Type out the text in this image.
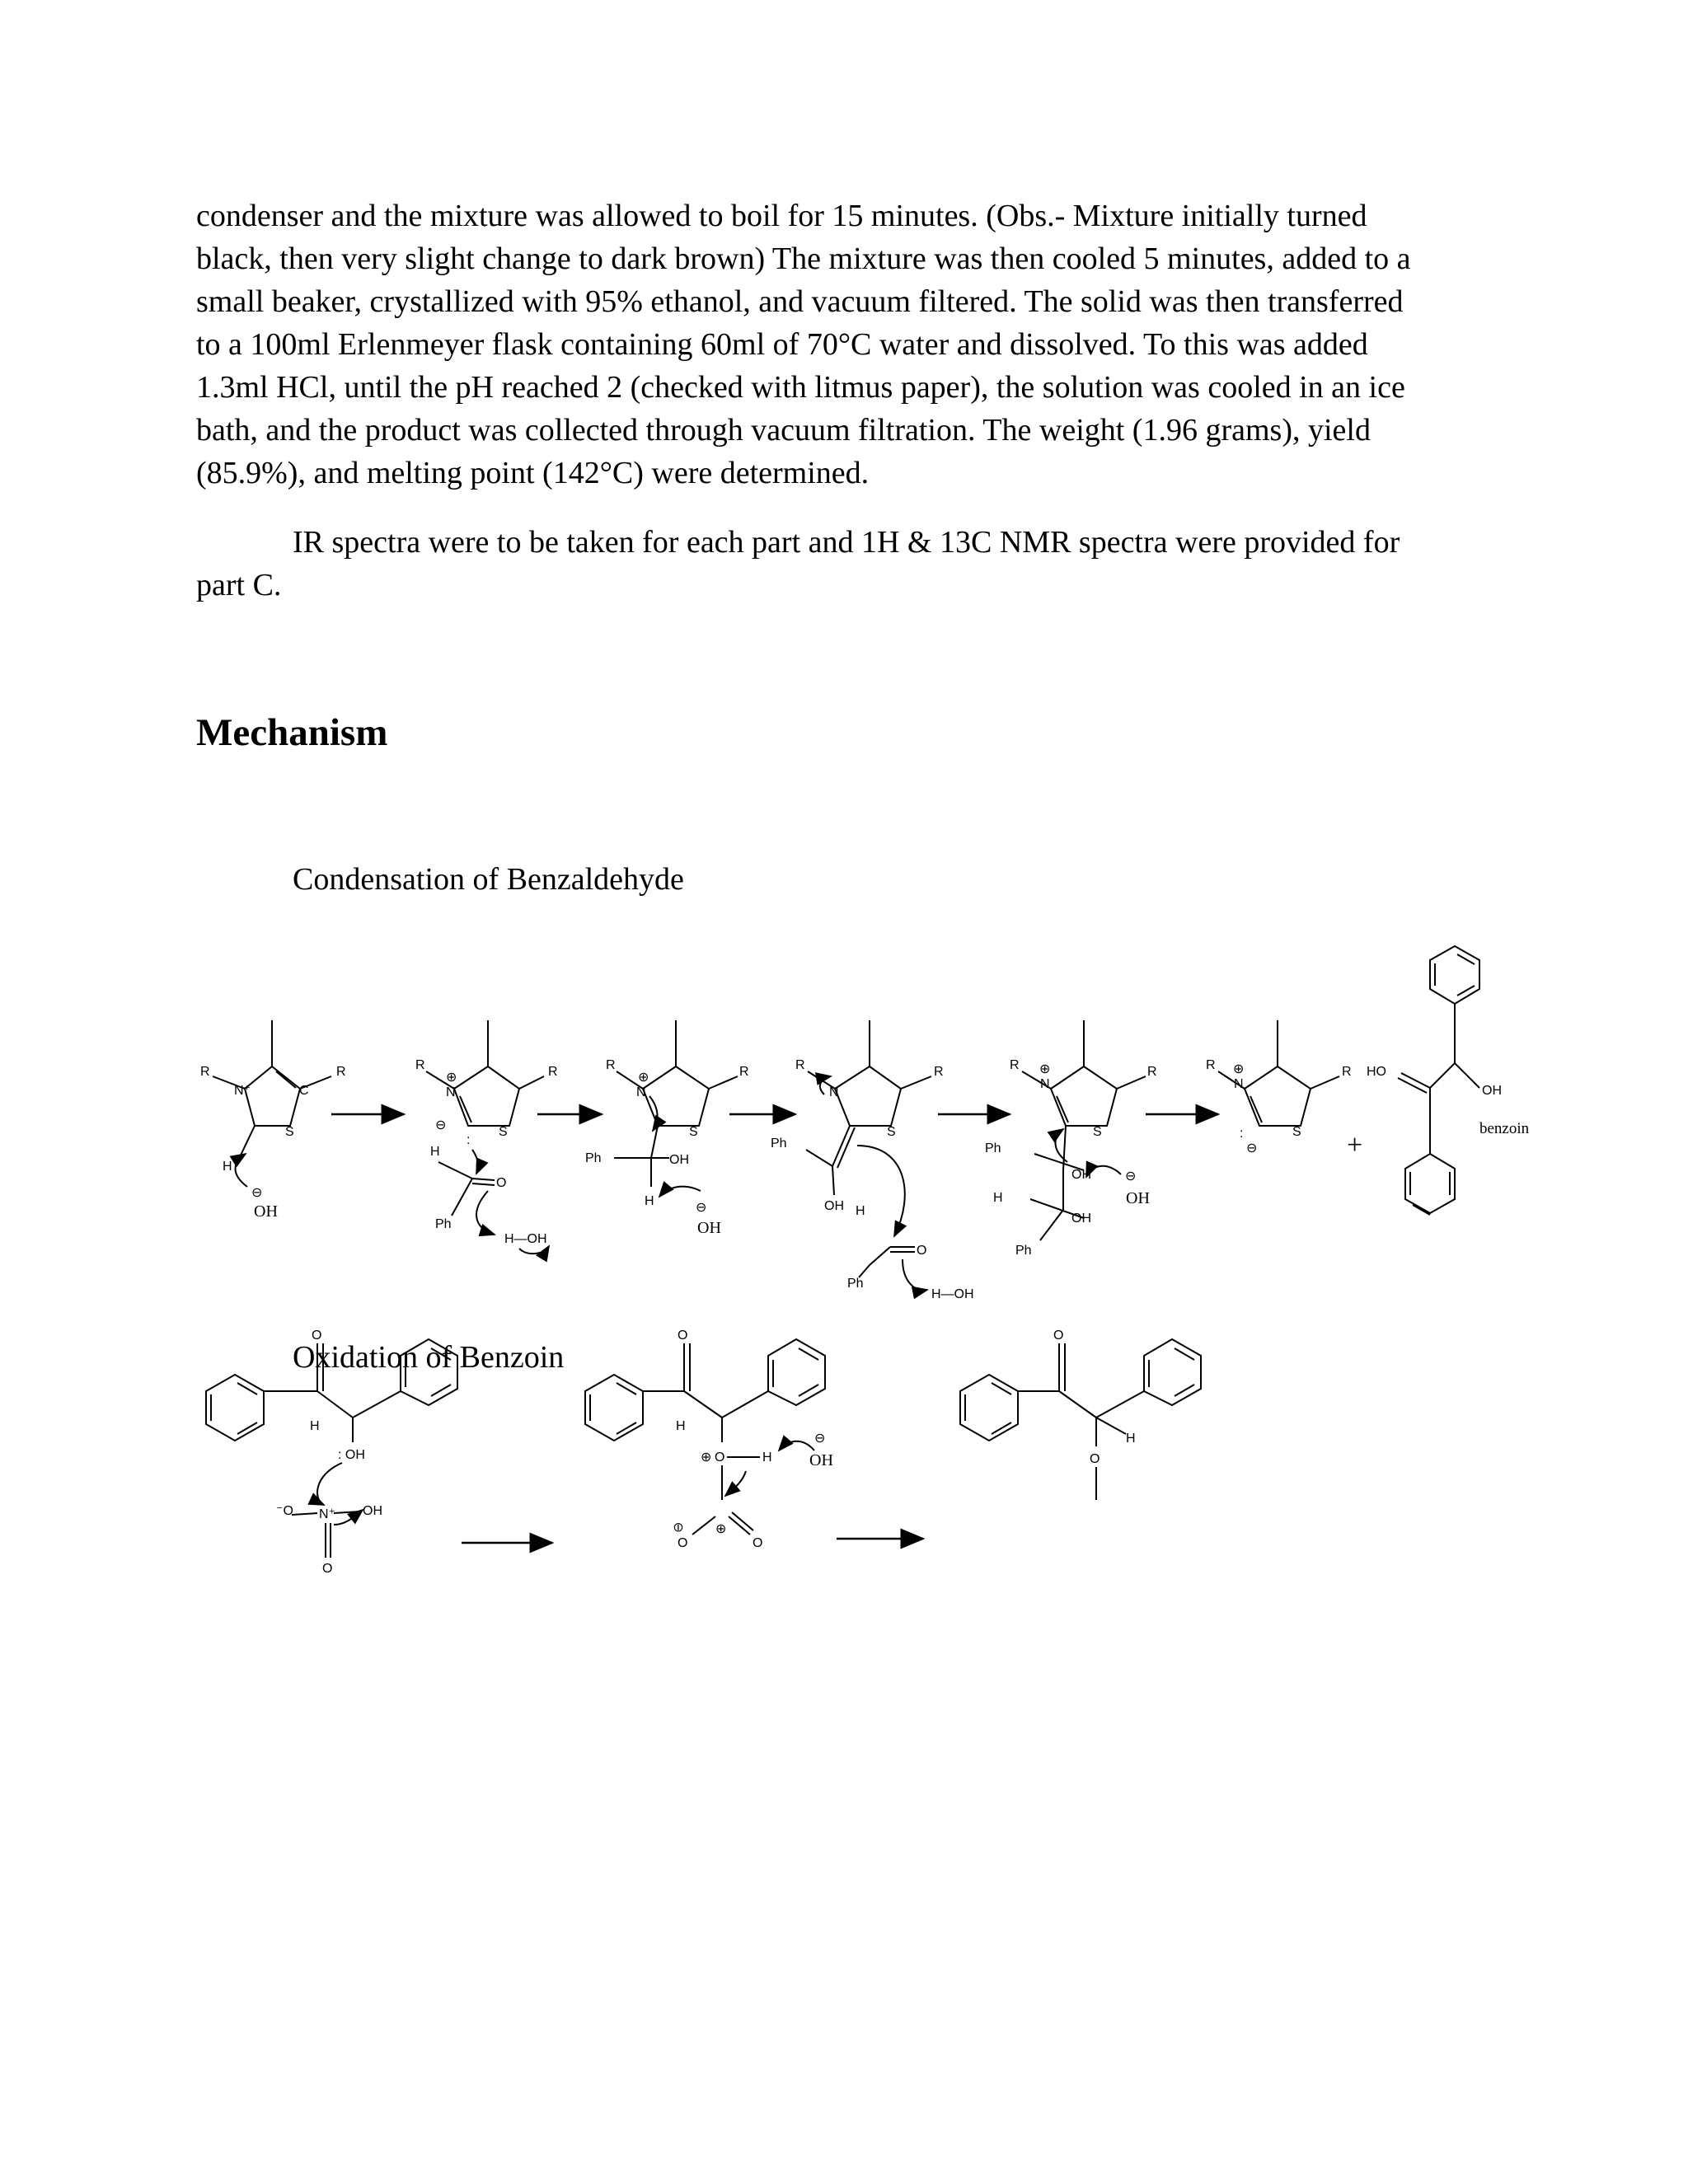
condenser and the mixture was allowed to boil for 15 minutes. (Obs.- Mixture initially turned
black, then very slight change to dark brown) The mixture was then cooled 5 minutes, added to a
small beaker, crystallized with 95% ethanol, and vacuum filtered. The solid was then transferred
to a 100ml Erlenmeyer flask containing 60ml of 70°C water and dissolved. To this was added
1.3ml HCl, until the pH reached 2 (checked with litmus paper), the solution was cooled in an ice
bath, and the product was collected through vacuum filtration. The weight (1.96 grams), yield
(85.9%), and melting point (142°C) were determined.
IR spectra were to be taken for each part and 1H & 13C NMR spectra were provided for
part C.
Mechanism
Condensation of Benzaldehyde
Oxidation of Benzoin
R	R
N⁺	C
S
H
⊖
OH
R	R
⊕
N
⊖	S
:
H
O
Ph
H—OH
R	R
⊕
N
S
Ph	OH
H	⊖
OH
R	R
N
S
Ph
OH H
O
Ph
H—OH
R	R
⊕
N
S
Ph
OH
H
OH
Ph
⊖
OH
R	R
⊕
N
S
:
⊖	+
HO
OH
benzoin
O
H
: OH
⁻O N⁺ OH
O
O
H
⊕ O	H
⊕
⊖
O	O
⊖
OH
O
H
O
